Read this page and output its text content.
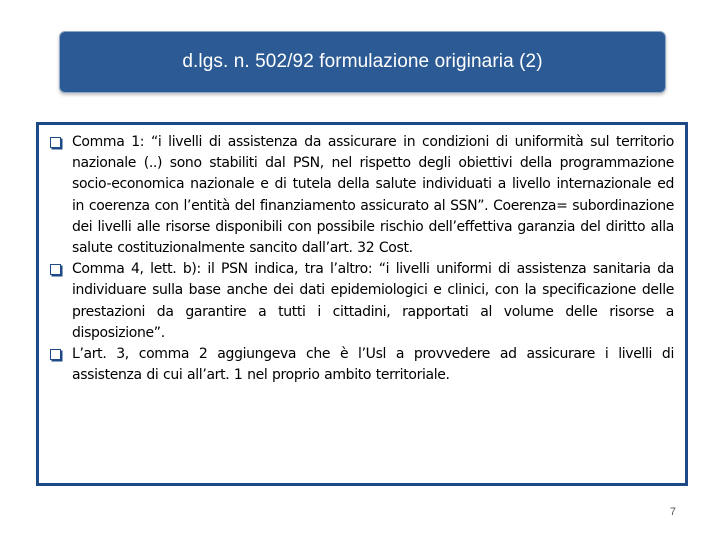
d.lgs. n. 502/92 formulazione originaria (2)
Comma 1: “i livelli di assistenza da assicurare in condizioni di uniformità sul territorio nazionale (..) sono stabiliti dal PSN, nel rispetto degli obiettivi della programmazione socio-economica nazionale e di tutela della salute individuati a livello internazionale ed in coerenza con l’entità del finanziamento assicurato al SSN”. Coerenza= subordinazione dei livelli alle risorse disponibili con possibile rischio dell’effettiva garanzia del diritto alla salute costituzionalmente sancito dall’art. 32 Cost.
Comma 4, lett. b): il PSN indica, tra l’altro: “i livelli uniformi di assistenza sanitaria da individuare sulla base anche dei dati epidemiologici e clinici, con la specificazione delle prestazioni da garantire a tutti i cittadini, rapportati al volume delle risorse a disposizione”.
L’art. 3, comma 2 aggiungeva che è l’Usl a provvedere ad assicurare i livelli di assistenza di cui all’art. 1 nel proprio ambito territoriale.
7
